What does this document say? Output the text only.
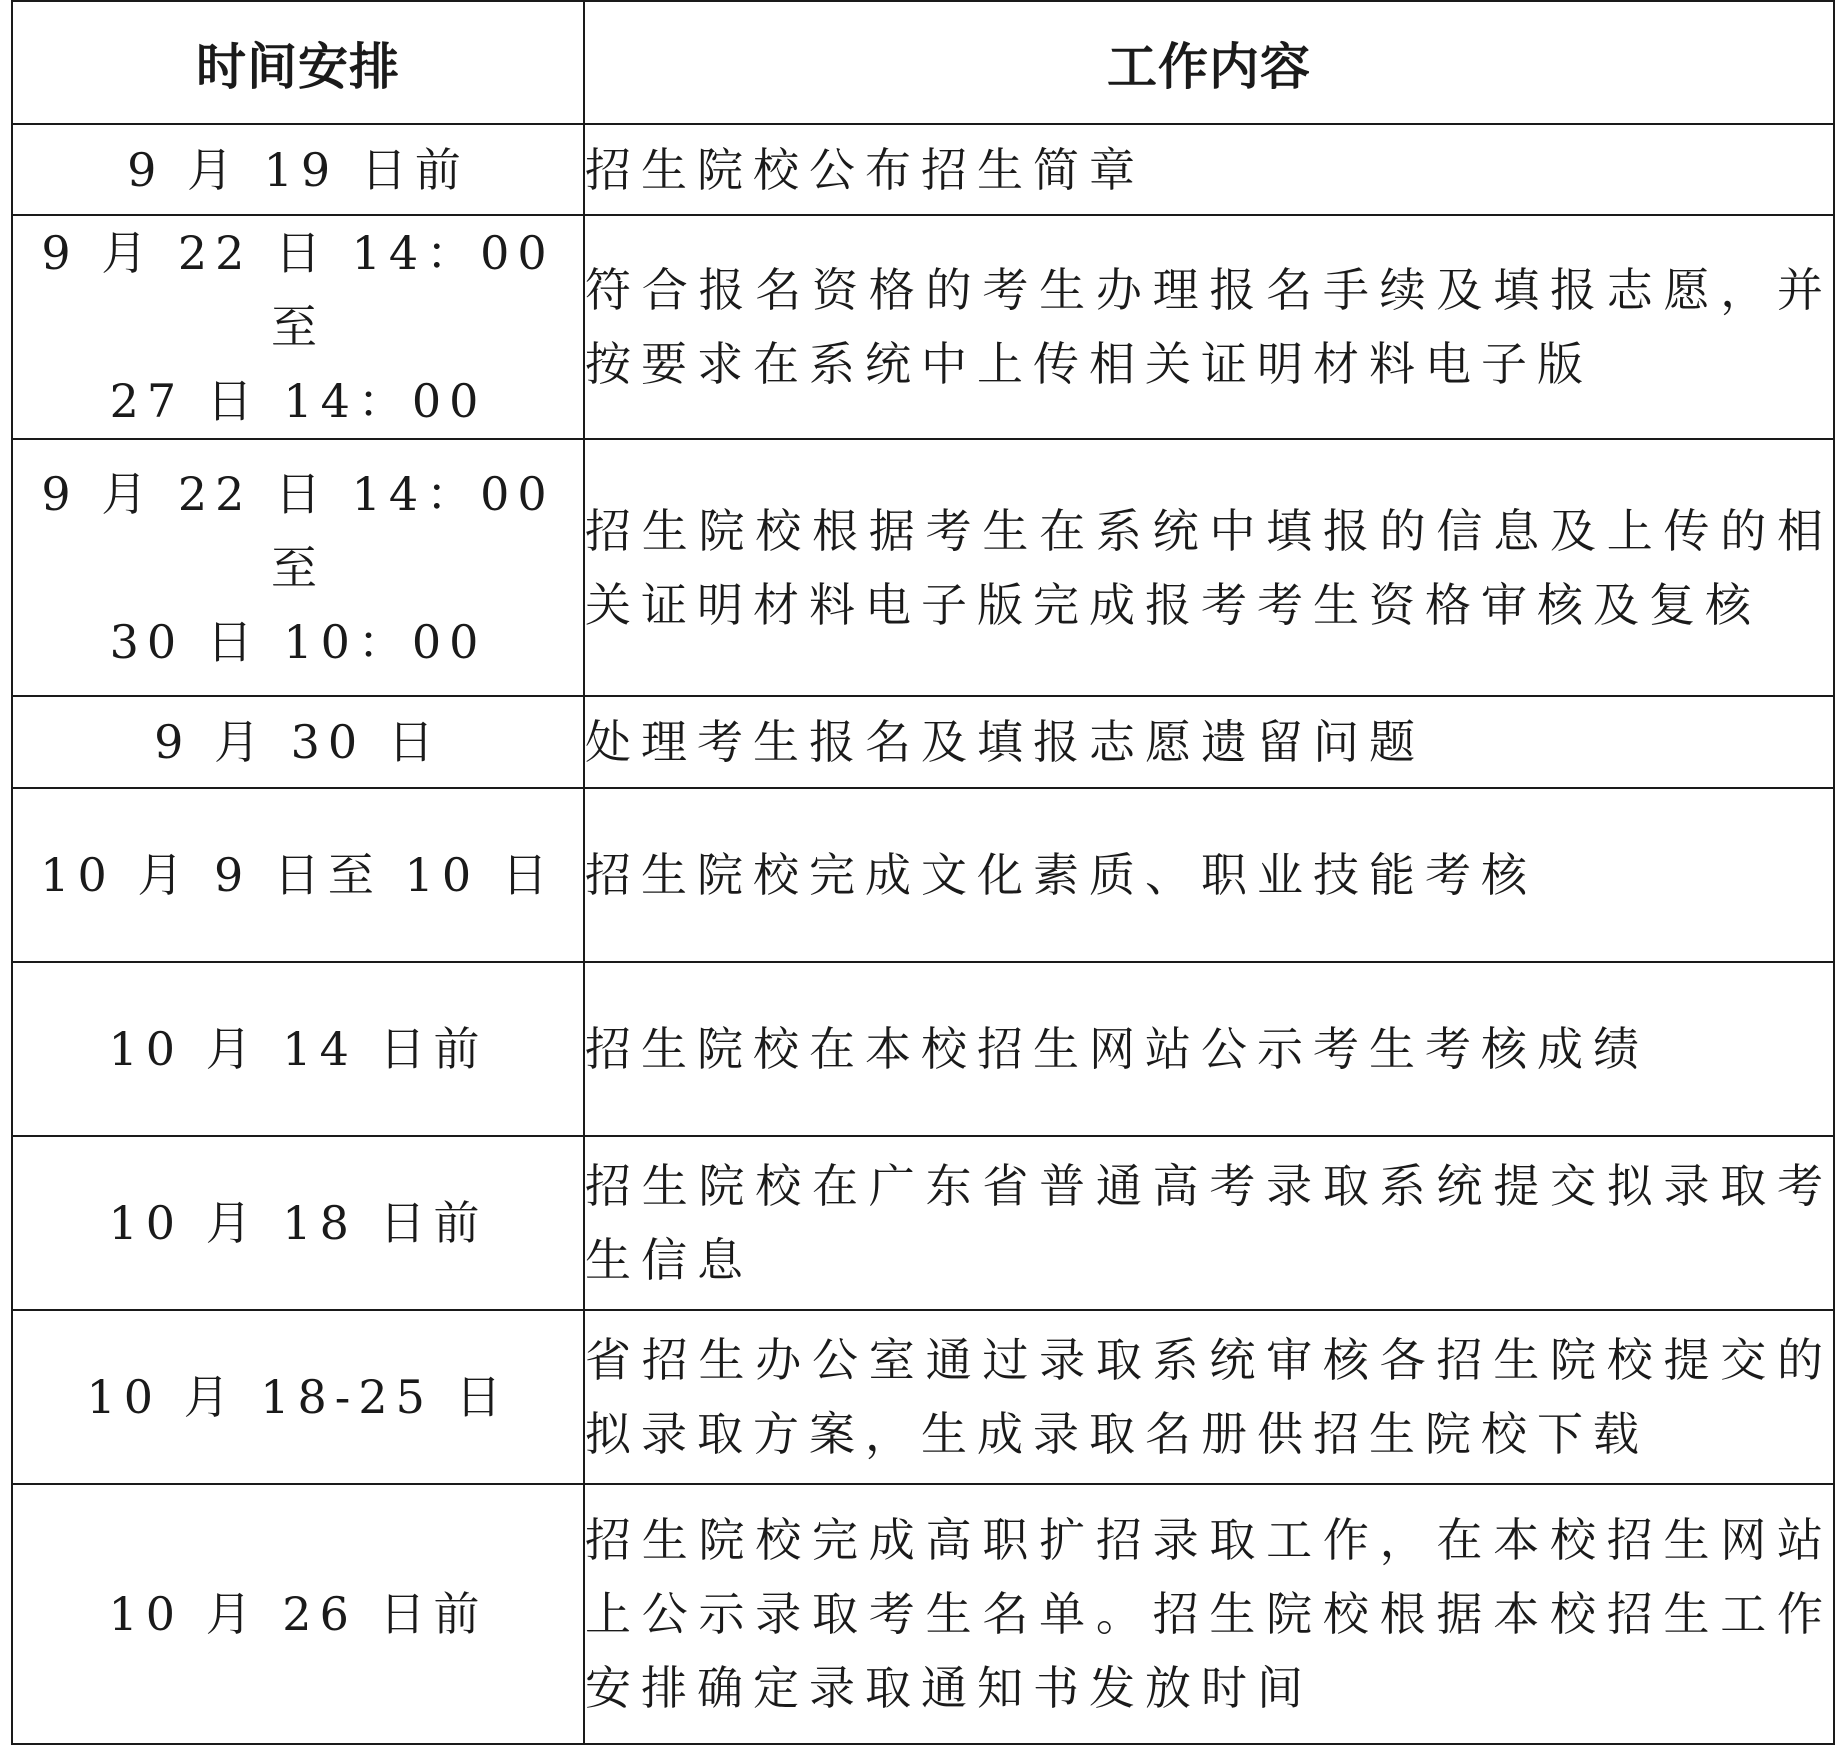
时间安排	工作内容
9 月 19 日前	招生院校公布招生简章
9 月 22 日 14：00 至
27 日 14：00	符合报名资格的考生办理报名手续及填报志愿，并按要求在系统中上传相关证明材料电子版
9 月 22 日 14：00 至
30 日 10：00	招生院校根据考生在系统中填报的信息及上传的相关证明材料电子版完成报考考生资格审核及复核
9 月 30 日	处理考生报名及填报志愿遗留问题
10 月 9 日至 10 日	招生院校完成文化素质、职业技能考核
10 月 14 日前	招生院校在本校招生网站公示考生考核成绩
10 月 18 日前	招生院校在广东省普通高考录取系统提交拟录取考生信息
10 月 18-25 日	省招生办公室通过录取系统审核各招生院校提交的拟录取方案，生成录取名册供招生院校下载
10 月 26 日前	招生院校完成高职扩招录取工作，在本校招生网站上公示录取考生名单。招生院校根据本校招生工作安排确定录取通知书发放时间
